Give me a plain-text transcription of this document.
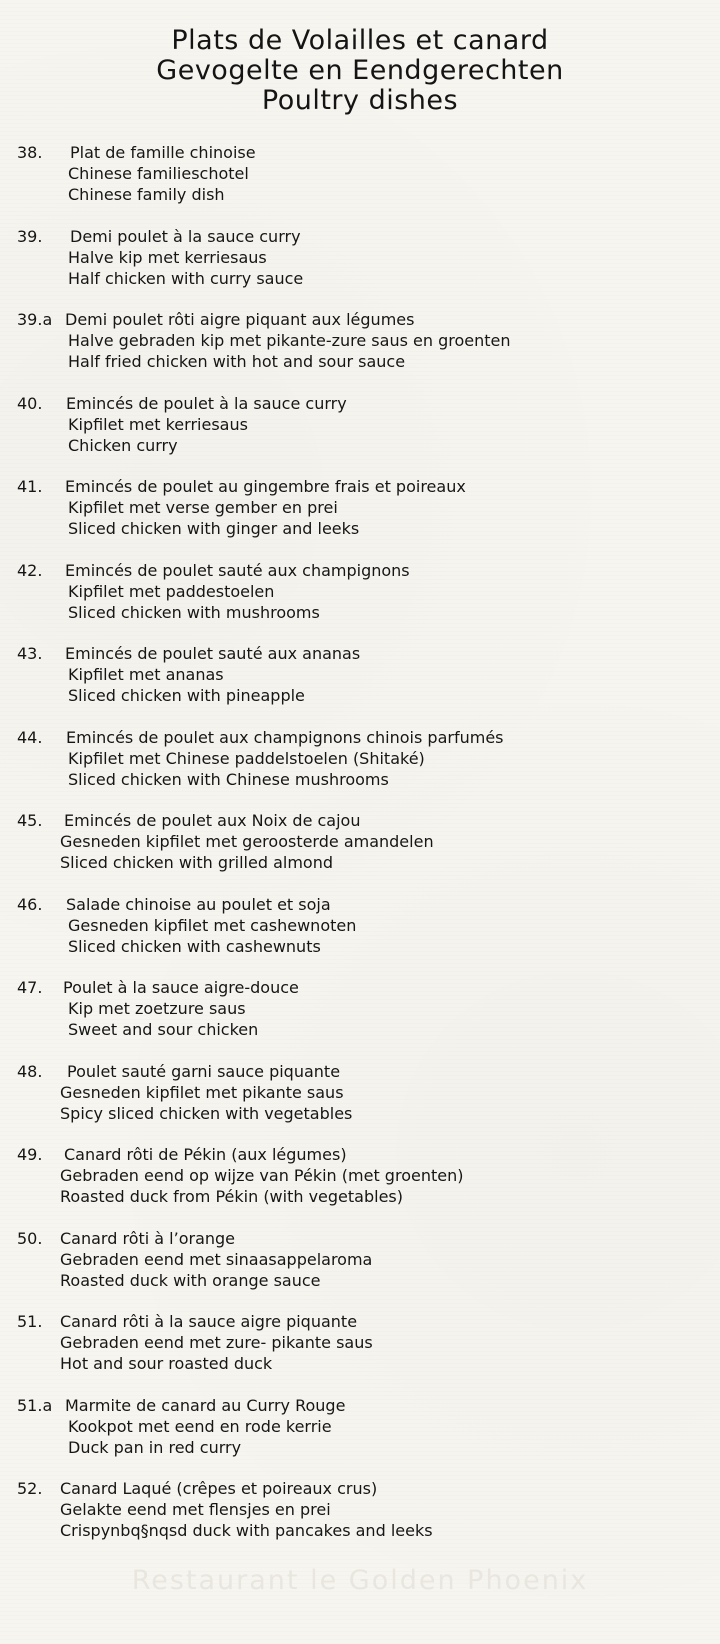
Plats de Volailles et canard
Gevogelte en Eendgerechten
Poultry dishes
38. Plat de famille chinoise
Chinese familieschotel
Chinese family dish
39. Demi poulet à la sauce curry
Halve kip met kerriesaus
Half chicken with curry sauce
39.a Demi poulet rôti aigre piquant aux légumes
Halve gebraden kip met pikante-zure saus en groenten
Half fried chicken with hot and sour sauce
40. Emincés de poulet à la sauce curry
Kipfilet met kerriesaus
Chicken curry
41. Emincés de poulet au gingembre frais et poireaux
Kipfilet met verse gember en prei
Sliced chicken with ginger and leeks
42. Emincés de poulet sauté aux champignons
Kipfilet met paddestoelen
Sliced chicken with mushrooms
43. Emincés de poulet sauté aux ananas
Kipfilet met ananas
Sliced chicken with pineapple
44. Emincés de poulet aux champignons chinois parfumés
Kipfilet met Chinese paddelstoelen (Shitaké)
Sliced chicken with Chinese mushrooms
45. Emincés de poulet aux Noix de cajou
Gesneden kipfilet met geroosterde amandelen
Sliced chicken with grilled almond
46. Salade chinoise au poulet et soja
Gesneden kipfilet met cashewnoten
Sliced chicken with cashewnuts
47. Poulet à la sauce aigre-douce
Kip met zoetzure saus
Sweet and sour chicken
48. Poulet sauté garni sauce piquante
Gesneden kipfilet met pikante saus
Spicy sliced chicken with vegetables
49. Canard rôti de Pékin (aux légumes)
Gebraden eend op wijze van Pékin (met groenten)
Roasted duck from Pékin (with vegetables)
50. Canard rôti à l’orange
Gebraden eend met sinaasappelaroma
Roasted duck with orange sauce
51. Canard rôti à la sauce aigre piquante
Gebraden eend met zure- pikante saus
Hot and sour roasted duck
51.a Marmite de canard au Curry Rouge
Kookpot met eend en rode kerrie
Duck pan in red curry
52. Canard Laqué (crêpes et poireaux crus)
Gelakte eend met flensjes en prei
Crispynbq§nqsd duck with pancakes and leeks
Restaurant le Golden Phoenix
